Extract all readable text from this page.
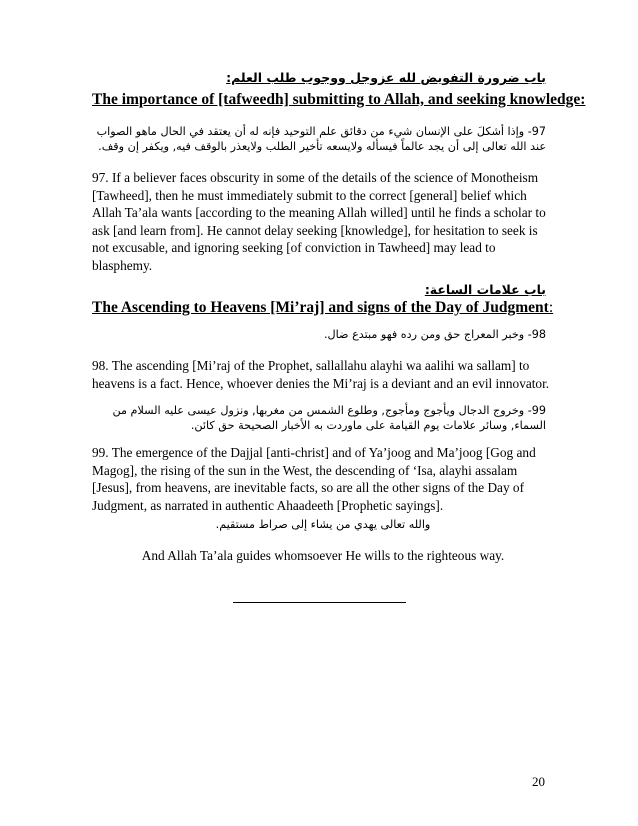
باب ضرورة التفويض لله عزوجل ووجوب طلب العلم:
The importance of [tafweedh] submitting to Allah, and seeking knowledge:
97- وإذا أشكلَ على الإنسان شيء من دقائق علم التوحيد فإنه له أن يعتقد في الحال ماهو الصواب عند الله تعالى إلى أن يجد عالماً فيسأله ولايسعه تأخير الطلب ولايعذر بالوقف فيه, ويكفر إن وقف.
97. If a believer faces obscurity in some of the details of the science of Monotheism [Tawheed], then he must immediately submit to the correct [general] belief which Allah Ta’ala wants [according to the meaning Allah willed] until he finds a scholar to ask [and learn from]. He cannot delay seeking [knowledge], for hesitation to seek is not excusable, and ignoring seeking [of conviction in Tawheed] may lead to blasphemy.
باب علامات الساعة:
The Ascending to Heavens [Mi’raj] and signs of the Day of Judgment:
98- وخبر المعراج حق ومن رده فهو مبتدع ضال.
98. The ascending [Mi’raj of the Prophet, sallallahu alayhi wa aalihi wa sallam] to heavens is a fact. Hence, whoever denies the Mi’raj is a deviant and an evil innovator.
99- وخروج الدجال ويأجوج ومأجوج, وطلوع الشمس من مغربها, ونزول عيسى عليه السلام من السماء, وسائر علامات يوم القيامة على ماوردت به الأخبار الصحيحة حق كائن.
99. The emergence of the Dajjal [anti-christ] and of Ya’joog and Ma’joog [Gog and Magog], the rising of the sun in the West, the descending of ‘Isa, alayhi assalam [Jesus], from heavens, are inevitable facts, so are all the other signs of the Day of Judgment, as narrated in authentic Ahaadeeth [Prophetic sayings].
والله تعالى يهدي من يشاء إلى صراط مستقيم.
And Allah Ta’ala guides whomsoever He wills to the righteous way.
20
